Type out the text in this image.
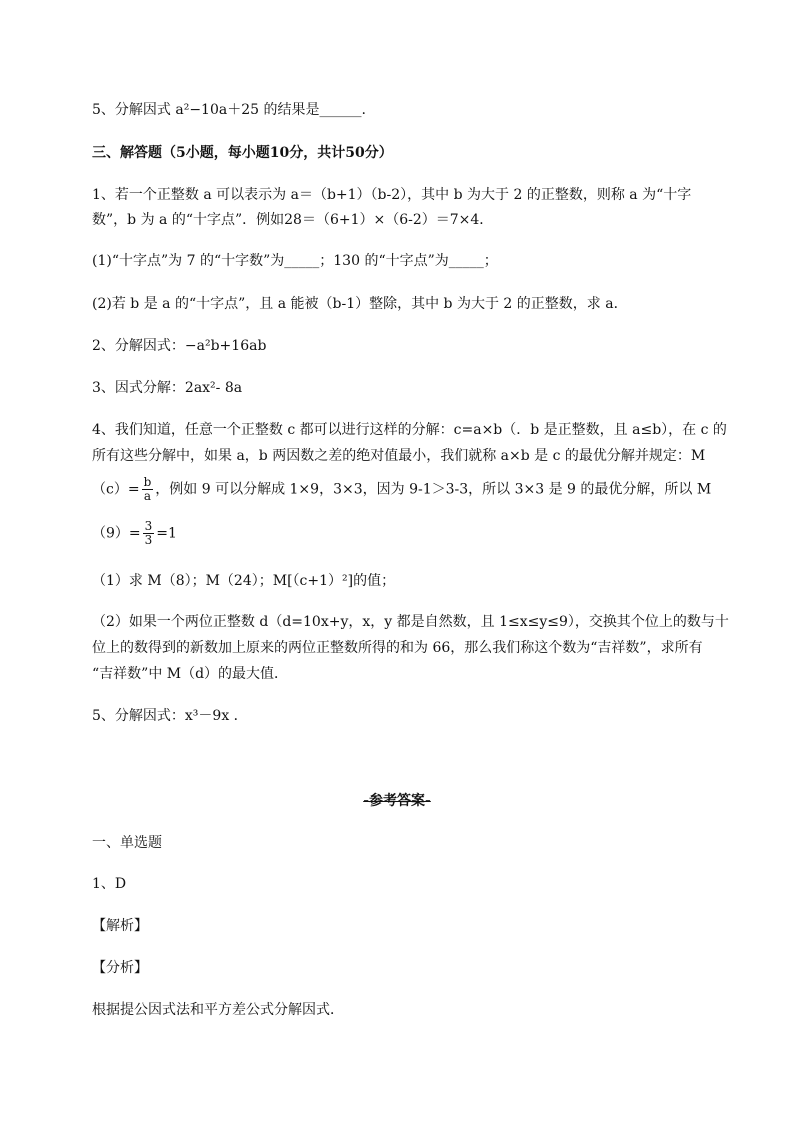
5、分解因式 a²−10a＋25 的结果是______.
三、解答题（5小题，每小题10分，共计50分）
1、若一个正整数 a 可以表示为 a＝（b+1）（b-2），其中 b 为大于 2 的正整数，则称 a 为“十字
数”，b 为 a 的“十字点”．例如28＝（6+1）×（6-2）＝7×4．
(1)“十字点”为 7 的“十字数”为_____；130 的“十字点”为_____；
(2)若 b 是 a 的“十字点”，且 a 能被（b-1）整除，其中 b 为大于 2 的正整数，求 a．
2、分解因式：−a²b+16ab
3、因式分解：2ax²- 8a
4、我们知道，任意一个正整数 c 都可以进行这样的分解：c=a×b（．b 是正整数，且 a≤b），在 c 的
所有这些分解中，如果 a，b 两因数之差的绝对值最小，我们就称 a×b 是 c 的最优分解并规定：M
$(c)= \frac{b}{a}$ ，例如 9 可以分解成 1×9，3×3，因为 9-1＞3-3，所以 3×3 是 9 的最优分解，所以 M
$(9)= \frac{3}{3} =1$
（1）求 M（8）；M（24）；M[（c+1）²]的值；
（2）如果一个两位正整数 d（d=10x+y，x，y 都是自然数，且 1≤x≤y≤9），交换其个位上的数与十
位上的数得到的新数加上原来的两位正整数所得的和为 66，那么我们称这个数为“吉祥数”，求所有
“吉祥数”中 M（d）的最大值．
5、分解因式：x³－9x ．
-参考答案-
一、单选题
1、D
【解析】
【分析】
根据提公因式法和平方差公式分解因式．
